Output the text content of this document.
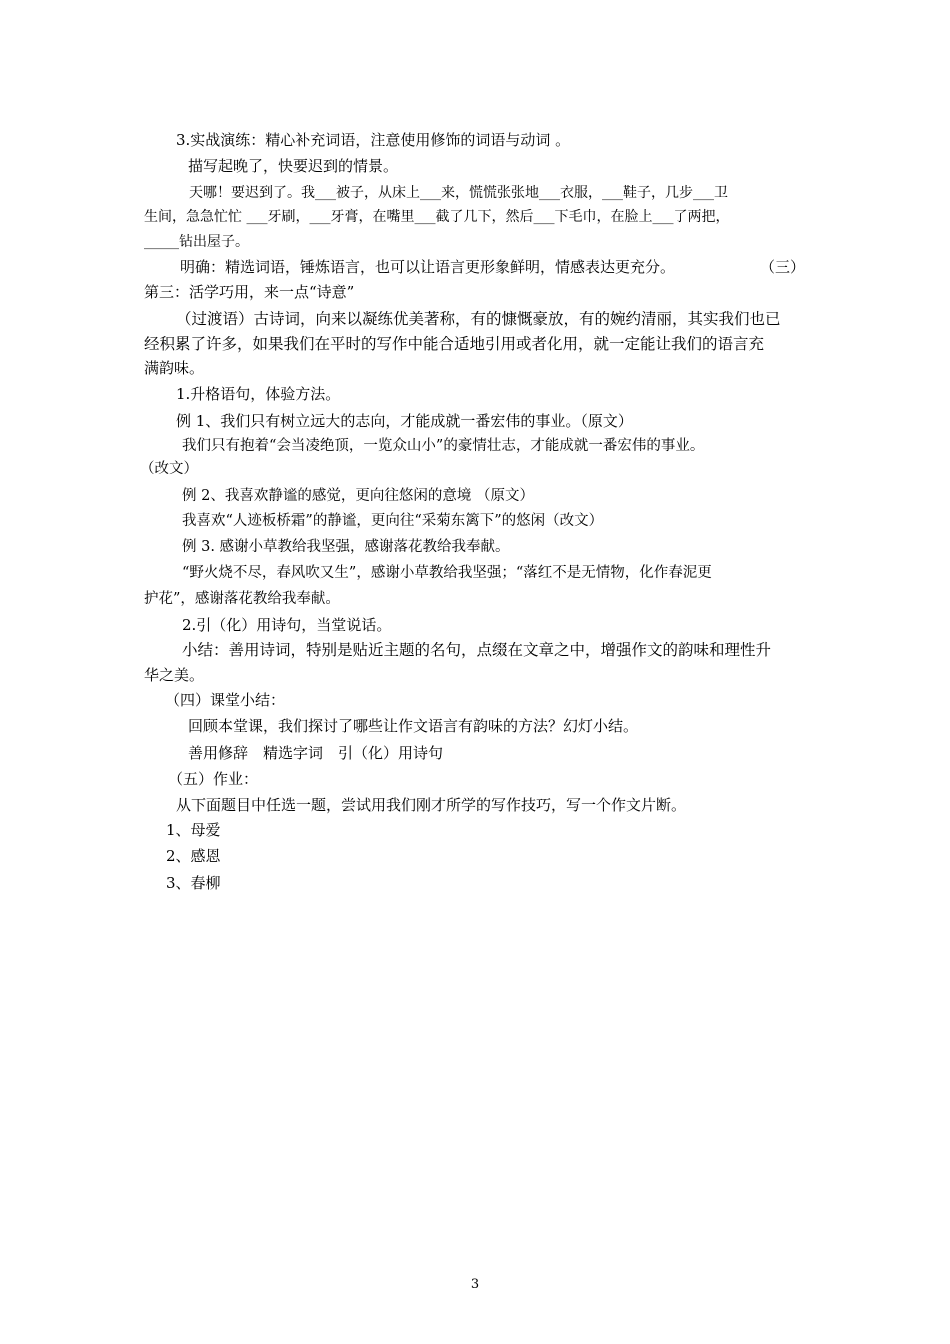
3.实战演练：精心补充词语，注意使用修饰的词语与动词 。
描写起晚了，快要迟到的情景。
天哪！要迟到了。我___被子，从床上___来，慌慌张张地___衣服，___鞋子，几步___卫
生间，急急忙忙 ___牙刷，___牙膏，在嘴里___截了几下，然后___下毛巾，在脸上___了两把，
_____钻出屋子。
明确：精选词语，锤炼语言，也可以让语言更形象鲜明，情感表达更充分。	（三）
第三：活学巧用，来一点“诗意”
（过渡语）古诗词，向来以凝练优美著称，有的慷慨豪放，有的婉约清丽，其实我们也已
经积累了许多，如果我们在平时的写作中能合适地引用或者化用，就一定能让我们的语言充
满韵味。
1.升格语句，体验方法。
例 1、我们只有树立远大的志向，才能成就一番宏伟的事业。（原文）
我们只有抱着“会当凌绝顶，一览众山小”的豪情壮志，才能成就一番宏伟的事业。
（改文）
例 2、我喜欢静谧的感觉，更向往悠闲的意境 （原文）
我喜欢“人迹板桥霜”的静谧，更向往“采菊东篱下”的悠闲（改文）
例 3. 感谢小草教给我坚强，感谢落花教给我奉献。
“野火烧不尽，春风吹又生”，感谢小草教给我坚强；“落红不是无情物，化作春泥更
护花”，感谢落花教给我奉献。
2.引（化）用诗句，当堂说话。
小结：善用诗词，特别是贴近主题的名句，点缀在文章之中，增强作文的韵味和理性升
华之美。
（四）课堂小结：
回顾本堂课，我们探讨了哪些让作文语言有韵味的方法？幻灯小结。
善用修辞　精选字词　引（化）用诗句
（五）作业：
从下面题目中任选一题，尝试用我们刚才所学的写作技巧，写一个作文片断。
1、母爱
2、感恩
3、春柳
3
